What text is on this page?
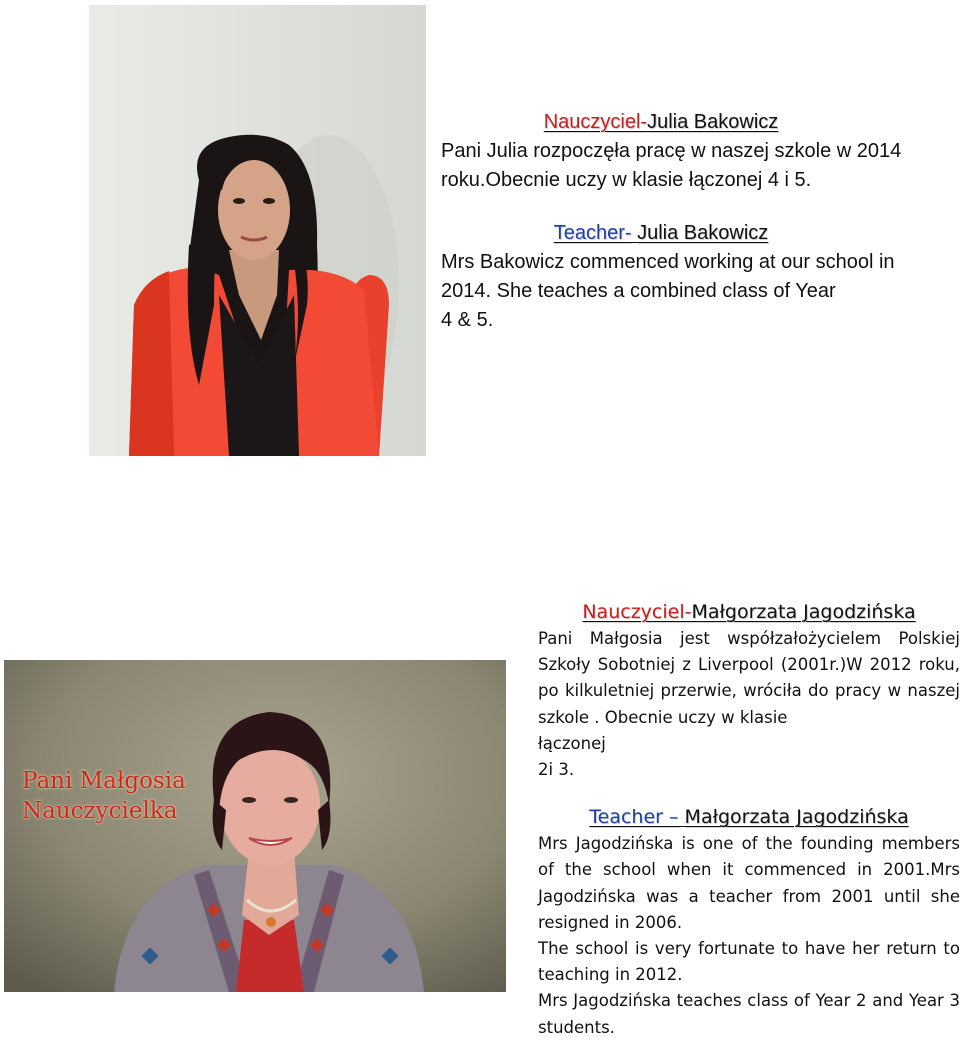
Nauczyciel-Julia Bakowicz
Pani Julia rozpoczęła pracę w naszej szkole w 2014
roku.Obecnie uczy w klasie łączonej 4 i 5.
Teacher- Julia Bakowicz
Mrs Bakowicz commenced working at our school in
2014. She teaches a combined class of Year
4 & 5.
Pani Małgosia
Nauczycielka
Nauczyciel-Małgorzata Jagodzińska

Pani Małgosia jest współzałożycielem Polskiej Szkoły Sobotniej z Liverpool (2001r.)W 2012 roku, po kilkuletniej przerwie, wróciła do pracy w naszej szkole . Obecnie uczy w klasie

łączonej

2i 3.

Teacher – Małgorzata Jagodzińska

Mrs Jagodzińska is one of the founding members of the school when it commenced in 2001.Mrs Jagodzińska was a teacher from 2001 until she resigned in 2006.

The school is very fortunate to have her return to teaching in 2012.

Mrs Jagodzińska teaches class of Year 2 and Year 3 students.
